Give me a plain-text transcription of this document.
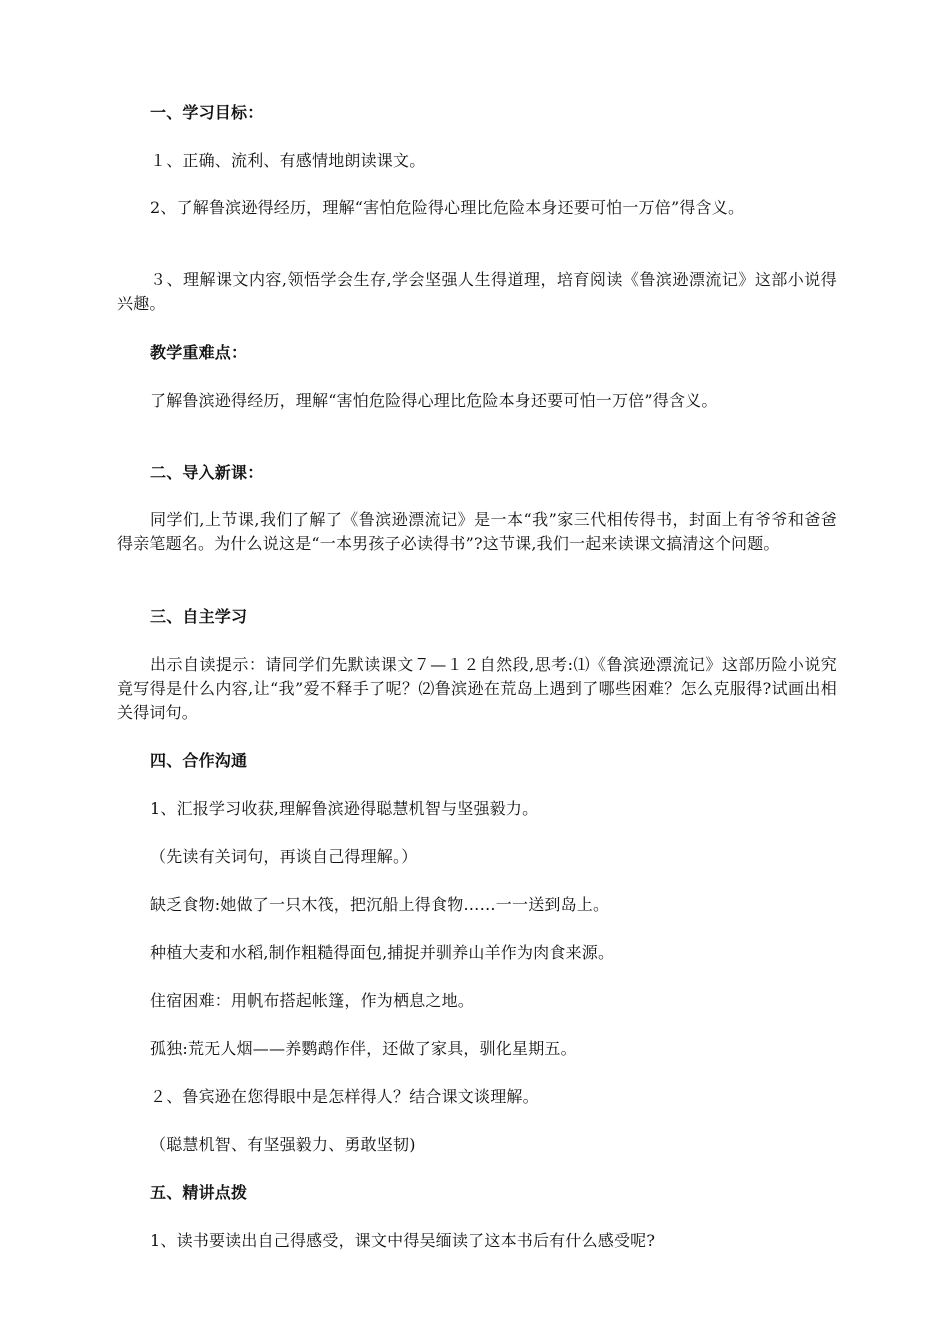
一、学习目标：
１、正确、流利、有感情地朗读课文。
2、了解鲁滨逊得经历，理解“害怕危险得心理比危险本身还要可怕一万倍”得含义。
３、理解课文内容,领悟学会生存,学会坚强人生得道理，培育阅读《鲁滨逊漂流记》这部小说得兴趣。
教学重难点：
了解鲁滨逊得经历，理解“害怕危险得心理比危险本身还要可怕一万倍”得含义。
二、导入新课：
同学们,上节课,我们了解了《鲁滨逊漂流记》是一本“我”家三代相传得书，封面上有爷爷和爸爸得亲笔题名。为什么说这是“一本男孩子必读得书”?这节课,我们一起来读课文搞清这个问题。
三、自主学习
出示自读提示：请同学们先默读课文７—１２自然段,思考:⑴《鲁滨逊漂流记》这部历险小说究竟写得是什么内容,让“我”爱不释手了呢？⑵鲁滨逊在荒岛上遇到了哪些困难？怎么克服得?试画出相关得词句。
四、合作沟通
1、汇报学习收获,理解鲁滨逊得聪慧机智与坚强毅力。
（先读有关词句，再谈自己得理解。）
缺乏食物:她做了一只木筏，把沉船上得食物……一一送到岛上。
种植大麦和水稻,制作粗糙得面包,捕捉并驯养山羊作为肉食来源。
住宿困难：用帆布搭起帐篷，作为栖息之地。
孤独:荒无人烟——养鹦鹉作伴，还做了家具，驯化星期五。
２、鲁宾逊在您得眼中是怎样得人？结合课文谈理解。
（聪慧机智、有坚强毅力、勇敢坚韧)
五、精讲点拨
1、读书要读出自己得感受，课文中得吴缅读了这本书后有什么感受呢?
